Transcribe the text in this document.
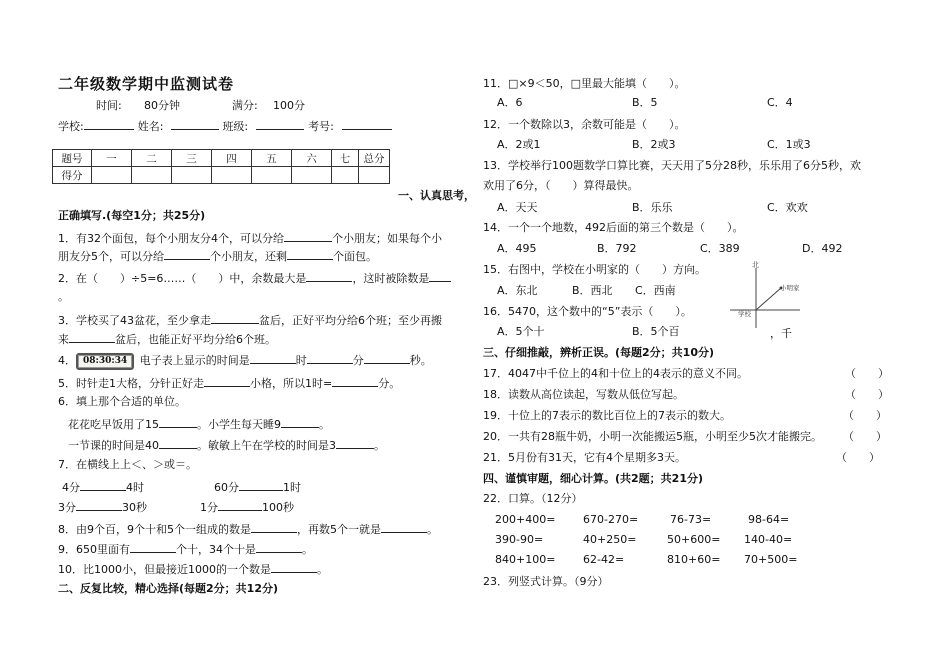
二年级数学期中监测试卷
时间: 80分钟	满分: 100分
学校:	姓名:	班级:	考号:
题号	一	二	三	四	五	六	七	总分
得分								
一、认真思考，
正确填写.(每空1分；共25分)
1．有32个面包，每个小朋友分4个，可以分给	个小朋友；如果每个小
朋友分5个，可以分给	个小朋友，还剩	个面包。
2．在（　　）÷5=6……（　　）中，余数最大是	，这时被除数是
。
3．学校买了43盆花，至少拿走	盆后，正好平均分给6个班；至少再搬
来	盆后，也能正好平均分给6个班。
4． 08:30:34 电子表上显示的时间是	时	分	秒。
5．时针走1大格，分针正好走	小格，所以1时=	分。
6．填上那个合适的单位。
花花吃早饭用了15	。小学生每天睡9	。
一节课的时间是40	。敏敏上午在学校的时间是3	。
7．在横线上上＜、＞或＝。
4分	4时	60分	1时
3分	30秒	1分	100秒
8．由9个百，9个十和5个一组成的数是	，再数5个一就是	。
9．650里面有	个十，34个十是	。
10．比1000小，但最接近1000的一个数是	。
二、反复比较，精心选择(每题2分；共12分)
11．□×9＜50，□里最大能填（　　）。
A．6	B．5	C．4
12．一个数除以3，余数可能是（　　）。
A．2或1	B．2或3	C．1或3
13．学校举行100题数学口算比赛，天天用了5分28秒，乐乐用了6分5秒，欢
欢用了6分，（　　）算得最快。
A．天天	B．乐乐	C．欢欢
14．一个一个地数，492后面的第三个数是（　　）。
A．495	B．792	C．389	D．492
15．右图中，学校在小明家的（　　）方向。
A．东北	B．西北 C．西南
北
小明家
学校
16．5470，这个数中的“5”表示（　　）。
A．5个十	B．5个百	，千
三、仔细推敲，辨析正误。(每题2分；共10分)
17．4047中千位上的4和十位上的4表示的意义不同。	（　　）
18．读数从高位读起，写数从低位写起。	（　　）
19．十位上的7表示的数比百位上的7表示的数大。	（　　）
20．一共有28瓶牛奶，小明一次能搬运5瓶，小明至少5次才能搬完。 （　　）
21．5月份有31天，它有4个星期多3天。	（　　）
四、谨慎审题，细心计算。(共2题；共21分)
22．口算。（12分）
200+400=	670-270=	76-73=	98-64=
390-90=	40+250=	50+600= 140-40=
840+100=	62-42=	810+60= 70+500=
23．列竖式计算。（9分）
